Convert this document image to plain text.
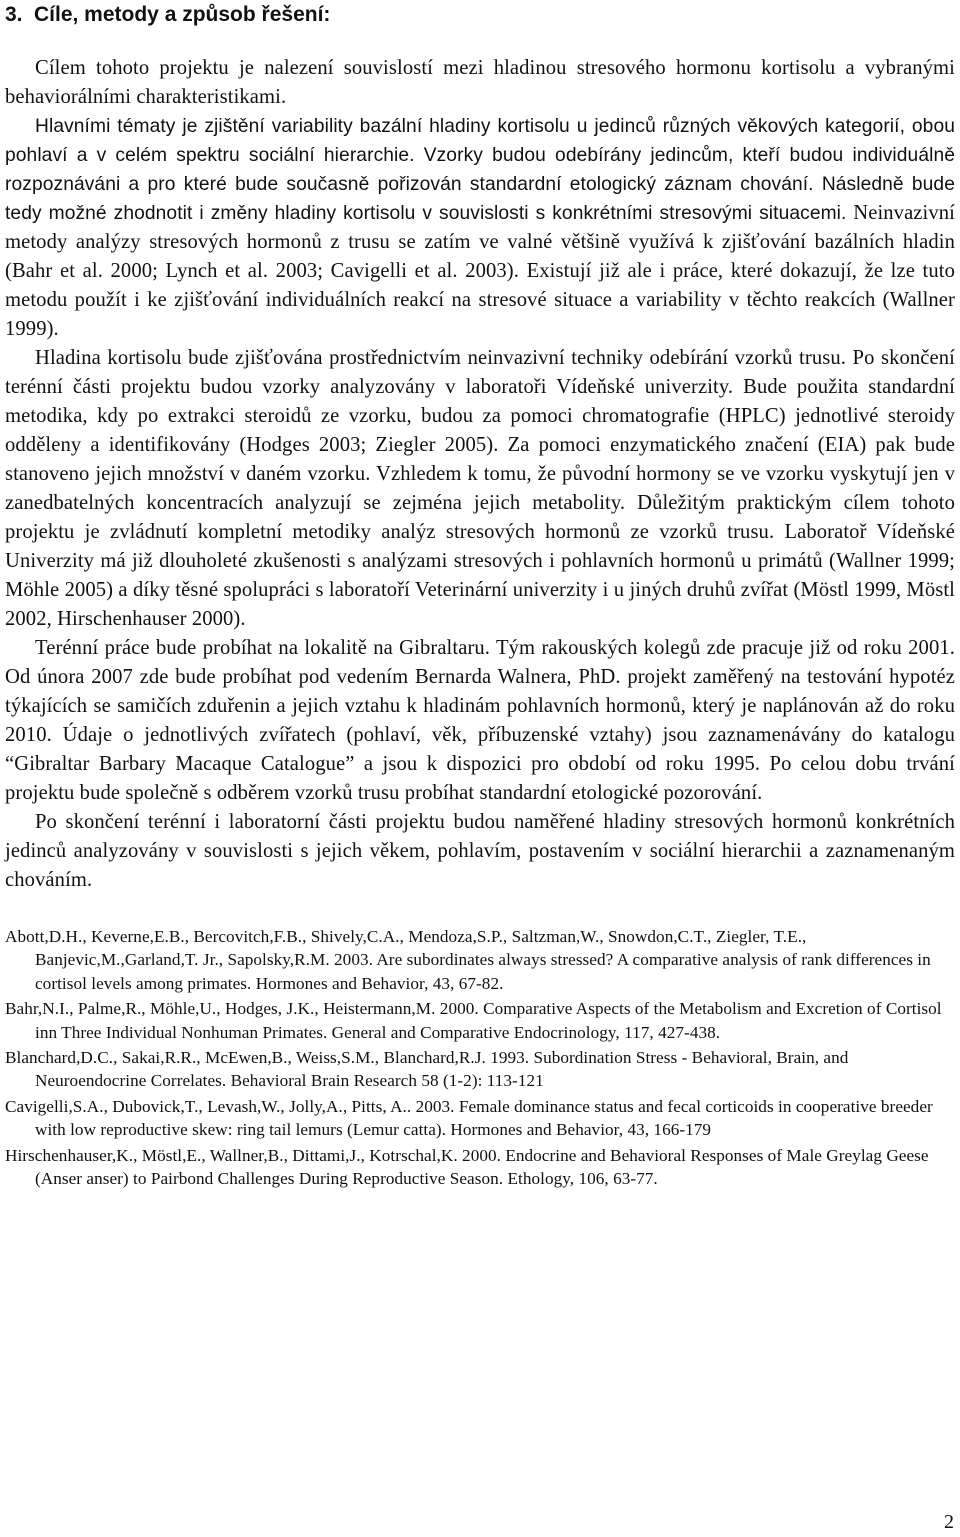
3. Cíle, metody a způsob řešení:

Cílem tohoto projektu je nalezení souvislostí mezi hladinou stresového hormonu kortisolu a vybranými behaviorálními charakteristikami.

Hlavními tématy je zjištění variability bazální hladiny kortisolu u jedinců různých věkových kategorií, obou pohlaví a v celém spektru sociální hierarchie. Vzorky budou odebírány jedincům, kteří budou individuálně rozpoznáváni a pro které bude současně pořizován standardní etologický záznam chování. Následně bude tedy možné zhodnotit i změny hladiny kortisolu v souvislosti s konkrétními stresovými situacemi. Neinvazivní metody analýzy stresových hormonů z trusu se zatím ve valné většině využívá k zjišťování bazálních hladin (Bahr et al. 2000; Lynch et al. 2003; Cavigelli et al. 2003). Existují již ale i práce, které dokazují, že lze tuto metodu použít i ke zjišťování individuálních reakcí na stresové situace a variability v těchto reakcích (Wallner 1999).

Hladina kortisolu bude zjišťována prostřednictvím neinvazivní techniky odebírání vzorků trusu. Po skončení terénní části projektu budou vzorky analyzovány v laboratoři Vídeňské univerzity. Bude použita standardní metodika, kdy po extrakci steroidů ze vzorku, budou za pomoci chromatografie (HPLC) jednotlivé steroidy odděleny a identifikovány (Hodges 2003; Ziegler 2005). Za pomoci enzymatického značení (EIA) pak bude stanoveno jejich množství v daném vzorku. Vzhledem k tomu, že původní hormony se ve vzorku vyskytují jen v zanedbatelných koncentracích analyzují se zejména jejich metabolity. Důležitým praktickým cílem tohoto projektu je zvládnutí kompletní metodiky analýz stresových hormonů ze vzorků trusu. Laboratoř Vídeňské Univerzity má již dlouholeté zkušenosti s analýzami stresových i pohlavních hormonů u primátů (Wallner 1999; Möhle 2005) a díky těsné spolupráci s laboratoří Veterinární univerzity i u jiných druhů zvířat (Möstl 1999, Möstl 2002, Hirschenhauser 2000).

Terénní práce bude probíhat na lokalitě na Gibraltaru. Tým rakouských kolegů zde pracuje již od roku 2001. Od února 2007 zde bude probíhat pod vedením Bernarda Walnera, PhD. projekt zaměřený na testování hypotéz týkajících se samičích zduřenin a jejich vztahu k hladinám pohlavních hormonů, který je naplánován až do roku 2010. Údaje o jednotlivých zvířatech (pohlaví, věk, příbuzenské vztahy) jsou zaznamenávány do katalogu “Gibraltar Barbary Macaque Catalogue” a jsou k dispozici pro období od roku 1995. Po celou dobu trvání projektu bude společně s odběrem vzorků trusu probíhat standardní etologické pozorování.

Po skončení terénní i laboratorní části projektu budou naměřené hladiny stresových hormonů konkrétních jedinců analyzovány v souvislosti s jejich věkem, pohlavím, postavením v sociální hierarchii a zaznamenaným chováním.

Abott,D.H., Keverne,E.B., Bercovitch,F.B., Shively,C.A., Mendoza,S.P., Saltzman,W., Snowdon,C.T., Ziegler, T.E., Banjevic,M.,Garland,T. Jr., Sapolsky,R.M. 2003. Are subordinates always stressed? A comparative analysis of rank differences in cortisol levels among primates. Hormones and Behavior, 43, 67-82.

Bahr,N.I., Palme,R., Möhle,U., Hodges, J.K., Heistermann,M. 2000. Comparative Aspects of the Metabolism and Excretion of Cortisol inn Three Individual Nonhuman Primates. General and Comparative Endocrinology, 117, 427-438.

Blanchard,D.C., Sakai,R.R., McEwen,B., Weiss,S.M., Blanchard,R.J. 1993. Subordination Stress - Behavioral, Brain, and Neuroendocrine Correlates. Behavioral Brain Research 58 (1-2): 113-121

Cavigelli,S.A., Dubovick,T., Levash,W., Jolly,A., Pitts, A.. 2003. Female dominance status and fecal corticoids in cooperative breeder with low reproductive skew: ring tail lemurs (Lemur catta). Hormones and Behavior, 43, 166-179

Hirschenhauser,K., Möstl,E., Wallner,B., Dittami,J., Kotrschal,K. 2000. Endocrine and Behavioral Responses of Male Greylag Geese (Anser anser) to Pairbond Challenges During Reproductive Season. Ethology, 106, 63-77.

2
